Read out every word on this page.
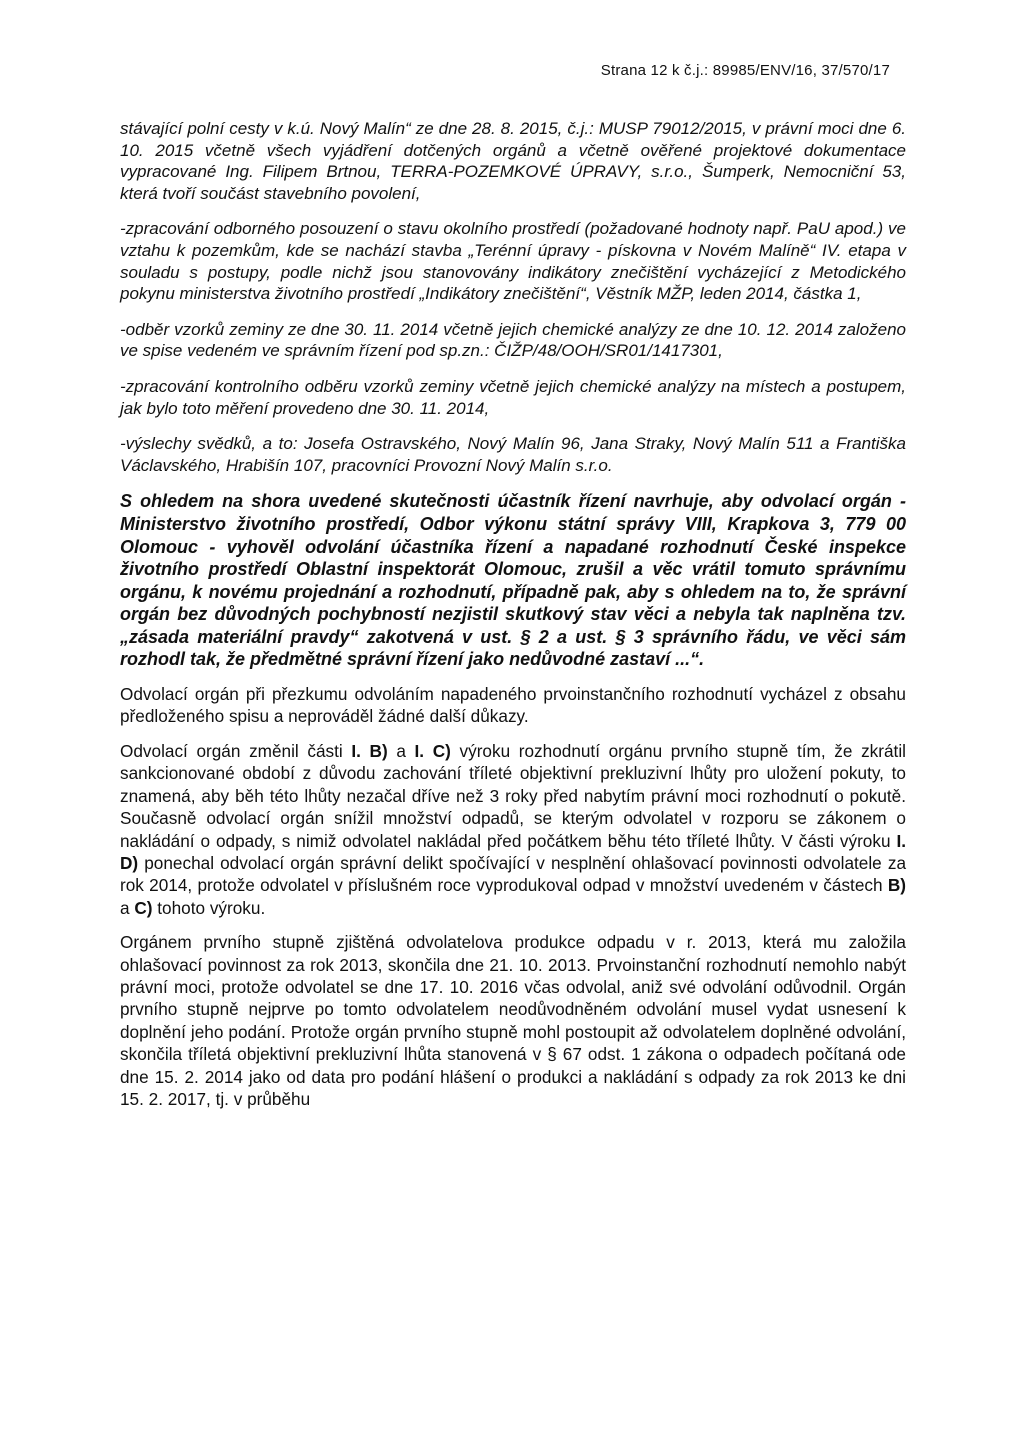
Strana 12 k č.j.: 89985/ENV/16, 37/570/17

stávající polní cesty v k.ú. Nový Malín“ ze dne 28. 8. 2015, č.j.: MUSP 79012/2015, v právní moci dne 6. 10. 2015 včetně všech vyjádření dotčených orgánů a včetně ověřené projektové dokumentace vypracované Ing. Filipem Brtnou, TERRA-POZEMKOVÉ ÚPRAVY, s.r.o., Šumperk, Nemocniční 53, která tvoří součást stavebního povolení,

-zpracování odborného posouzení o stavu okolního prostředí (požadované hodnoty např. PaU apod.) ve vztahu k pozemkům, kde se nachází stavba „Terénní úpravy - pískovna v Novém Malíně“ IV. etapa v souladu s postupy, podle nichž jsou stanovovány indikátory znečištění vycházející z Metodického pokynu ministerstva životního prostředí „Indikátory znečištění“, Věstník MŽP, leden 2014, částka 1,

-odběr vzorků zeminy ze dne 30. 11. 2014 včetně jejich chemické analýzy ze dne 10. 12. 2014 založeno ve spise vedeném ve správním řízení pod sp.zn.: ČIŽP/48/OOH/SR01/1417301,

-zpracování kontrolního odběru vzorků zeminy včetně jejich chemické analýzy na místech a postupem, jak bylo toto měření provedeno dne 30. 11. 2014,

-výslechy svědků, a to: Josefa Ostravského, Nový Malín 96, Jana Straky, Nový Malín 511 a Františka Václavského, Hrabišín 107, pracovníci Provozní Nový Malín s.r.o.

S ohledem na shora uvedené skutečnosti účastník řízení navrhuje, aby odvolací orgán - Ministerstvo životního prostředí, Odbor výkonu státní správy VIII, Krapkova 3, 779 00 Olomouc - vyhověl odvolání účastníka řízení a napadané rozhodnutí České inspekce životního prostředí Oblastní inspektorát Olomouc, zrušil a věc vrátil tomuto správnímu orgánu, k novému projednání a rozhodnutí, případně pak, aby s ohledem na to, že správní orgán bez důvodných pochybností nezjistil skutkový stav věci a nebyla tak naplněna tzv. „zásada materiální pravdy“ zakotvená v ust. § 2 a ust. § 3 správního řádu, ve věci sám rozhodl tak, že předmětné správní řízení jako nedůvodné zastaví ...“.

Odvolací orgán při přezkumu odvoláním napadeného prvoinstančního rozhodnutí vycházel z obsahu předloženého spisu a neprováděl žádné další důkazy.

Odvolací orgán změnil části I. B) a I. C) výroku rozhodnutí orgánu prvního stupně tím, že zkrátil sankcionované období z důvodu zachování tříleté objektivní prekluzivní lhůty pro uložení pokuty, to znamená, aby běh této lhůty nezačal dříve než 3 roky před nabytím právní moci rozhodnutí o pokutě. Současně odvolací orgán snížil množství odpadů, se kterým odvolatel v rozporu se zákonem o nakládání o odpady, s nimiž odvolatel nakládal před počátkem běhu této tříleté lhůty. V části výroku I. D) ponechal odvolací orgán správní delikt spočívající v nesplnění ohlašovací povinnosti odvolatele za rok 2014, protože odvolatel v příslušném roce vyprodukoval odpad v množství uvedeném v částech B) a C) tohoto výroku.

Orgánem prvního stupně zjištěná odvolatelova produkce odpadu v r. 2013, která mu založila ohlašovací povinnost za rok 2013, skončila dne 21. 10. 2013. Prvoinstanční rozhodnutí nemohlo nabýt právní moci, protože odvolatel se dne 17. 10. 2016 včas odvolal, aniž své odvolání odůvodnil. Orgán prvního stupně nejprve po tomto odvolatelem neodůvodněném odvolání musel vydat usnesení k doplnění jeho podání. Protože orgán prvního stupně mohl postoupit až odvolatelem doplněné odvolání, skončila tříletá objektivní prekluzivní lhůta stanovená v § 67 odst. 1 zákona o odpadech počítaná ode dne 15. 2. 2014 jako od data pro podání hlášení o produkci a nakládání s odpady za rok 2013 ke dni 15. 2. 2017, tj. v průběhu
